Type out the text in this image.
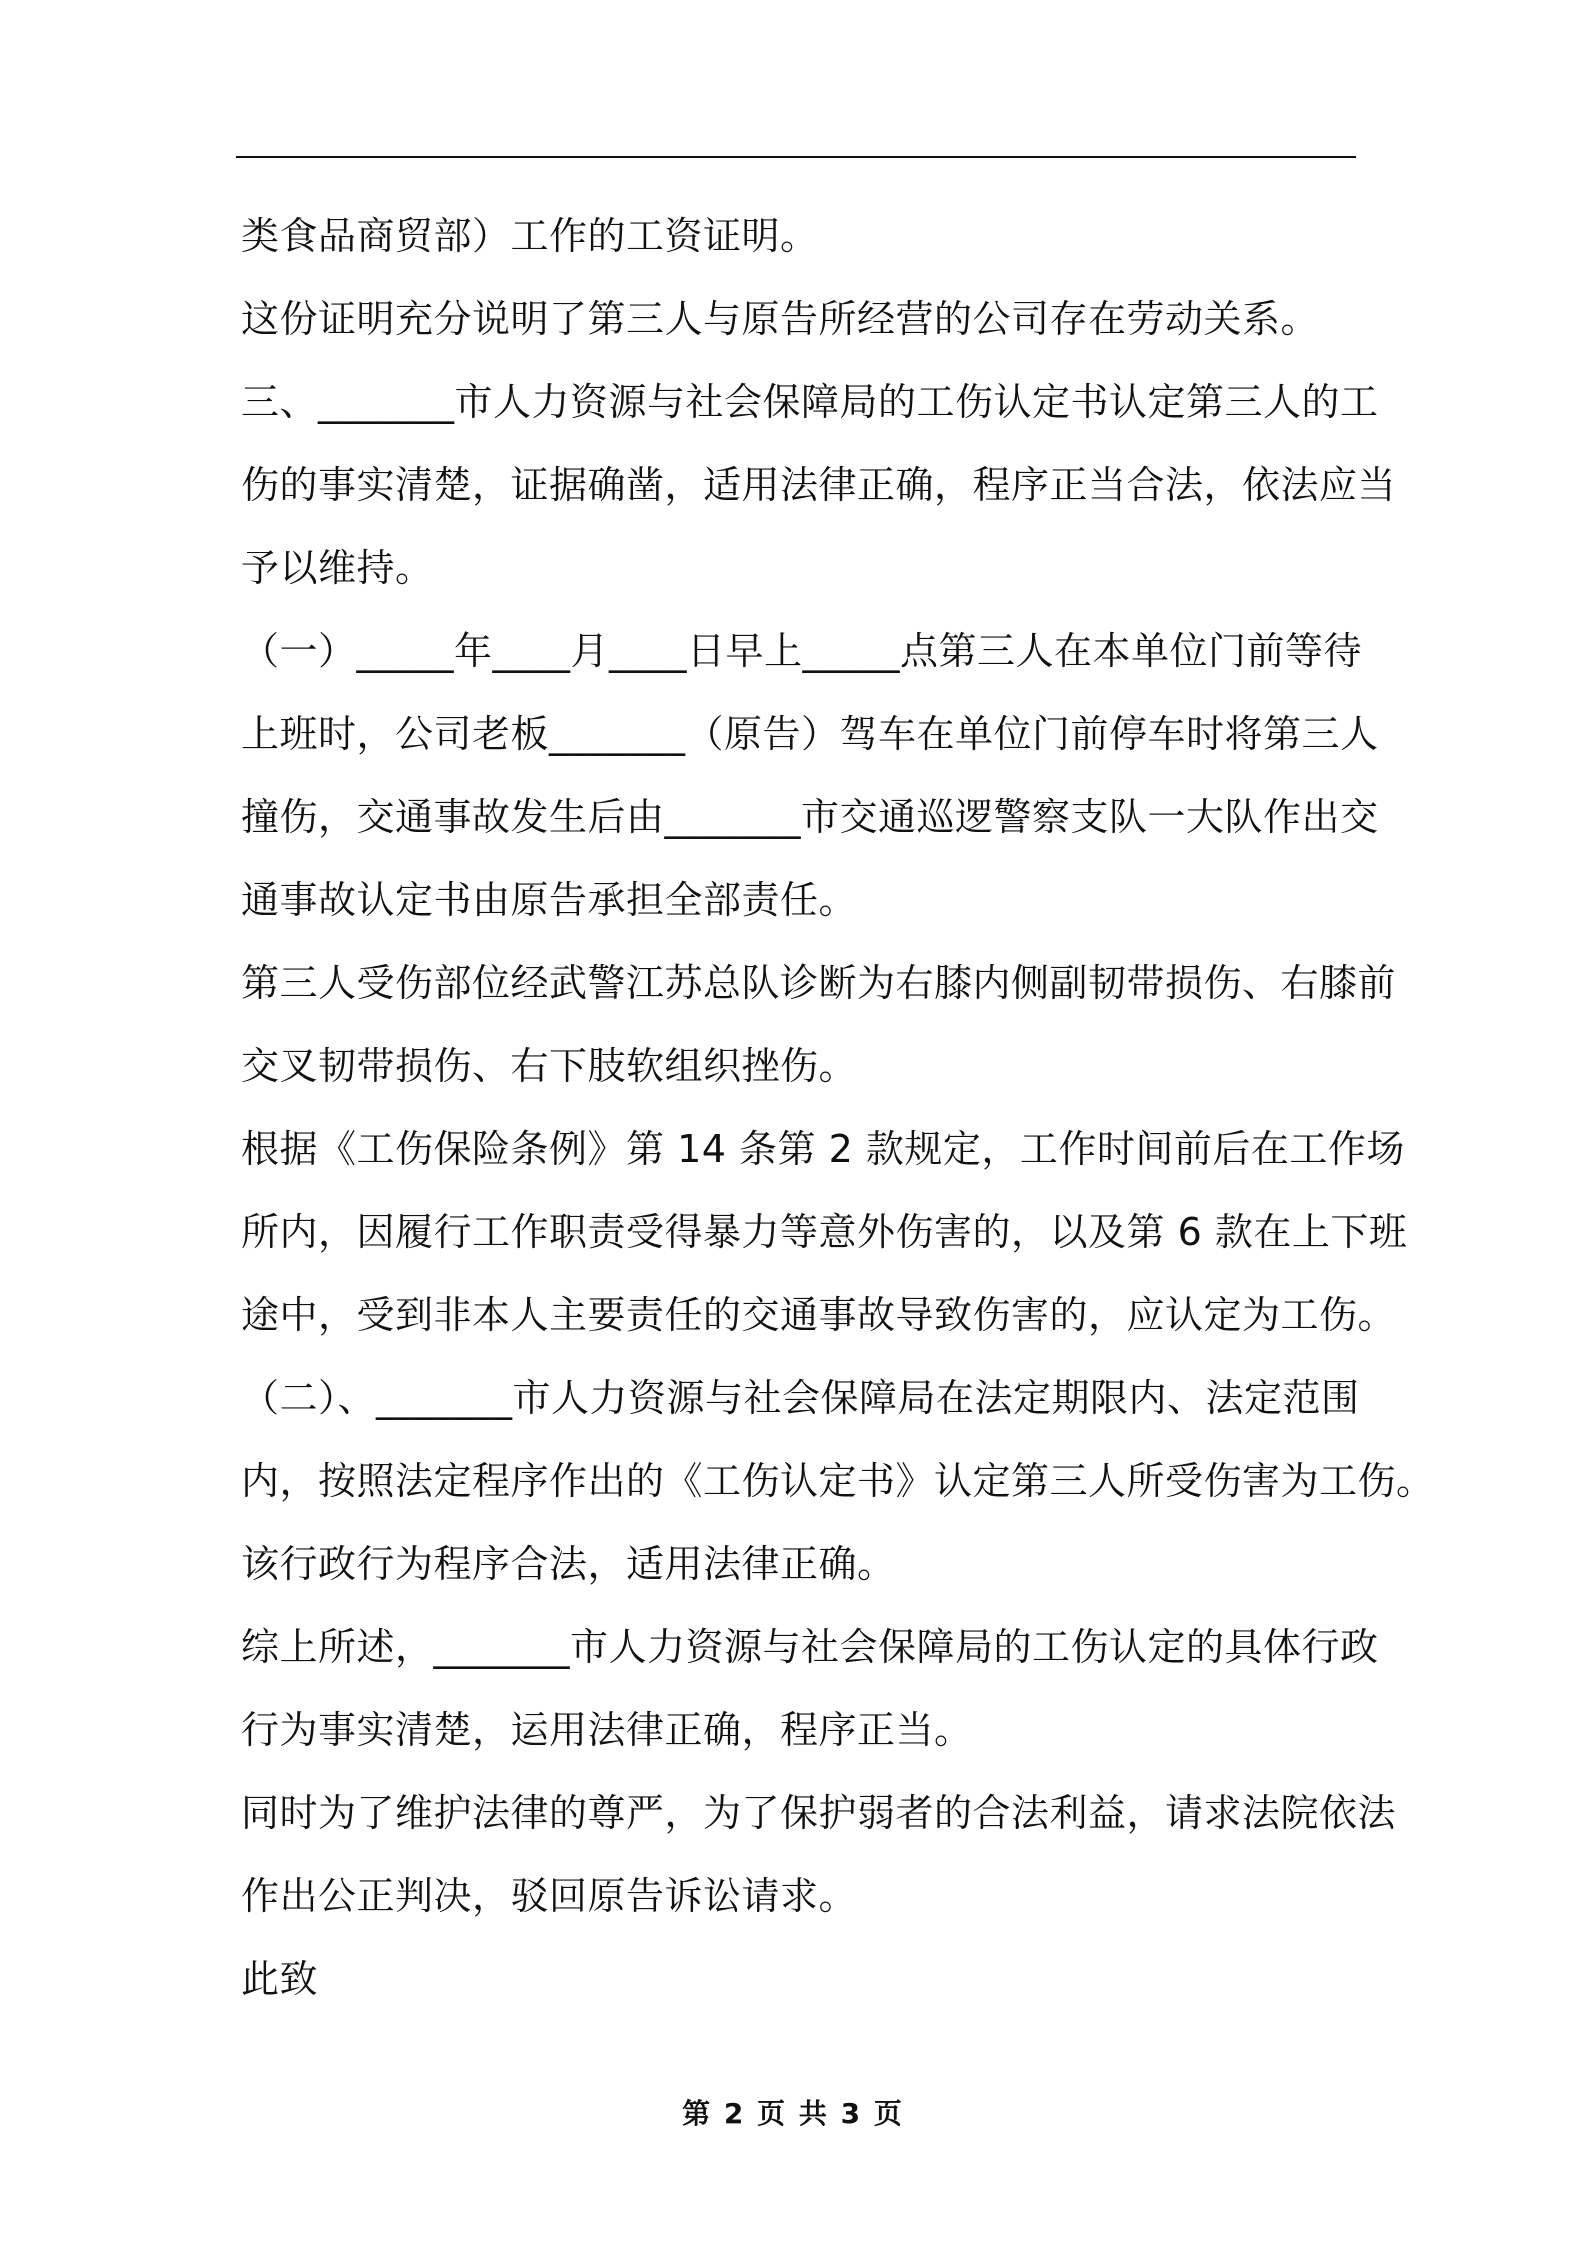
类食品商贸部）工作的工资证明。
这份证明充分说明了第三人与原告所经营的公司存在劳动关系。
三、_______市人力资源与社会保障局的工伤认定书认定第三人的工
伤的事实清楚，证据确凿，适用法律正确，程序正当合法，依法应当
予以维持。
（一）_____年____月____日早上_____点第三人在本单位门前等待
上班时，公司老板_______（原告）驾车在单位门前停车时将第三人
撞伤，交通事故发生后由_______市交通巡逻警察支队一大队作出交
通事故认定书由原告承担全部责任。
第三人受伤部位经武警江苏总队诊断为右膝内侧副韧带损伤、右膝前
交叉韧带损伤、右下肢软组织挫伤。
根据《工伤保险条例》第 14 条第 2 款规定，工作时间前后在工作场
所内，因履行工作职责受得暴力等意外伤害的，以及第 6 款在上下班
途中，受到非本人主要责任的交通事故导致伤害的，应认定为工伤。
（二）、_______市人力资源与社会保障局在法定期限内、法定范围
内，按照法定程序作出的《工伤认定书》认定第三人所受伤害为工伤。
该行政行为程序合法，适用法律正确。
综上所述，_______市人力资源与社会保障局的工伤认定的具体行政
行为事实清楚，运用法律正确，程序正当。
同时为了维护法律的尊严，为了保护弱者的合法利益，请求法院依法
作出公正判决，驳回原告诉讼请求。
此致
第 2 页 共 3 页
